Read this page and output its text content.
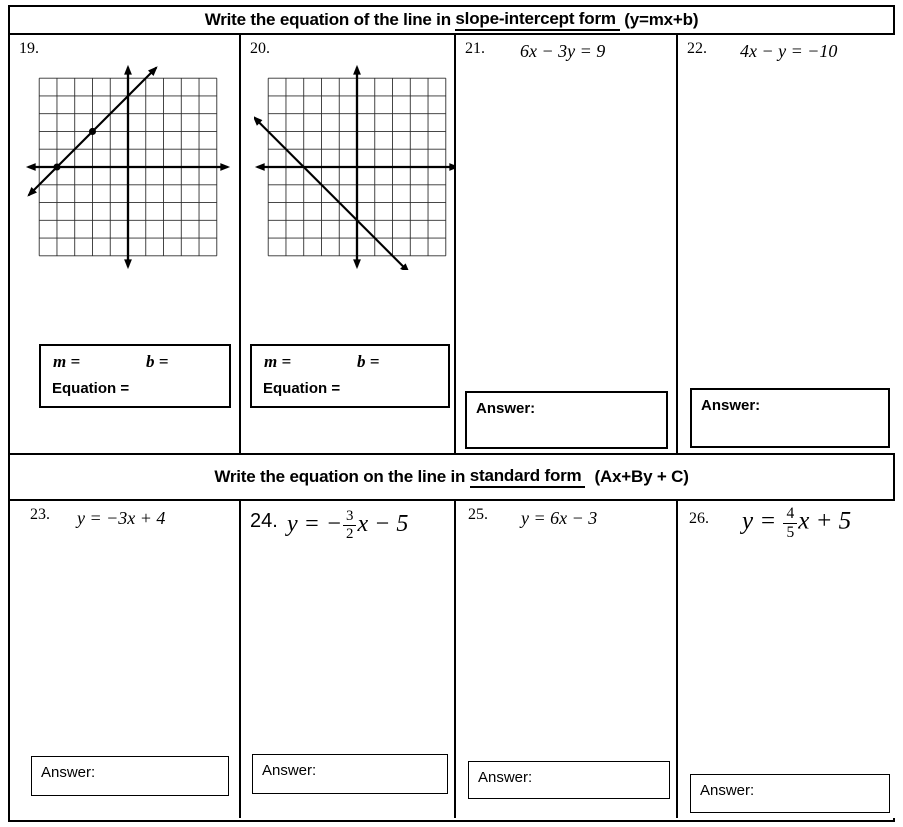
Write the equation of the line in slope-intercept form (y=mx+b)
19.
m =	b =
Equation =
20.
m =	b =
Equation =
21. 6x − 3y = 9
Answer:
22. 4x − y = −10
Answer:
Write the equation on the line in standard form (Ax+By + C)
23. y = −3x + 4
Answer:
24. y = − $\frac{3}{2}$ x − 5
Answer:
25. y = 6x − 3
Answer:
26. $y = \frac{4}{5}$ x + 5
Answer:
